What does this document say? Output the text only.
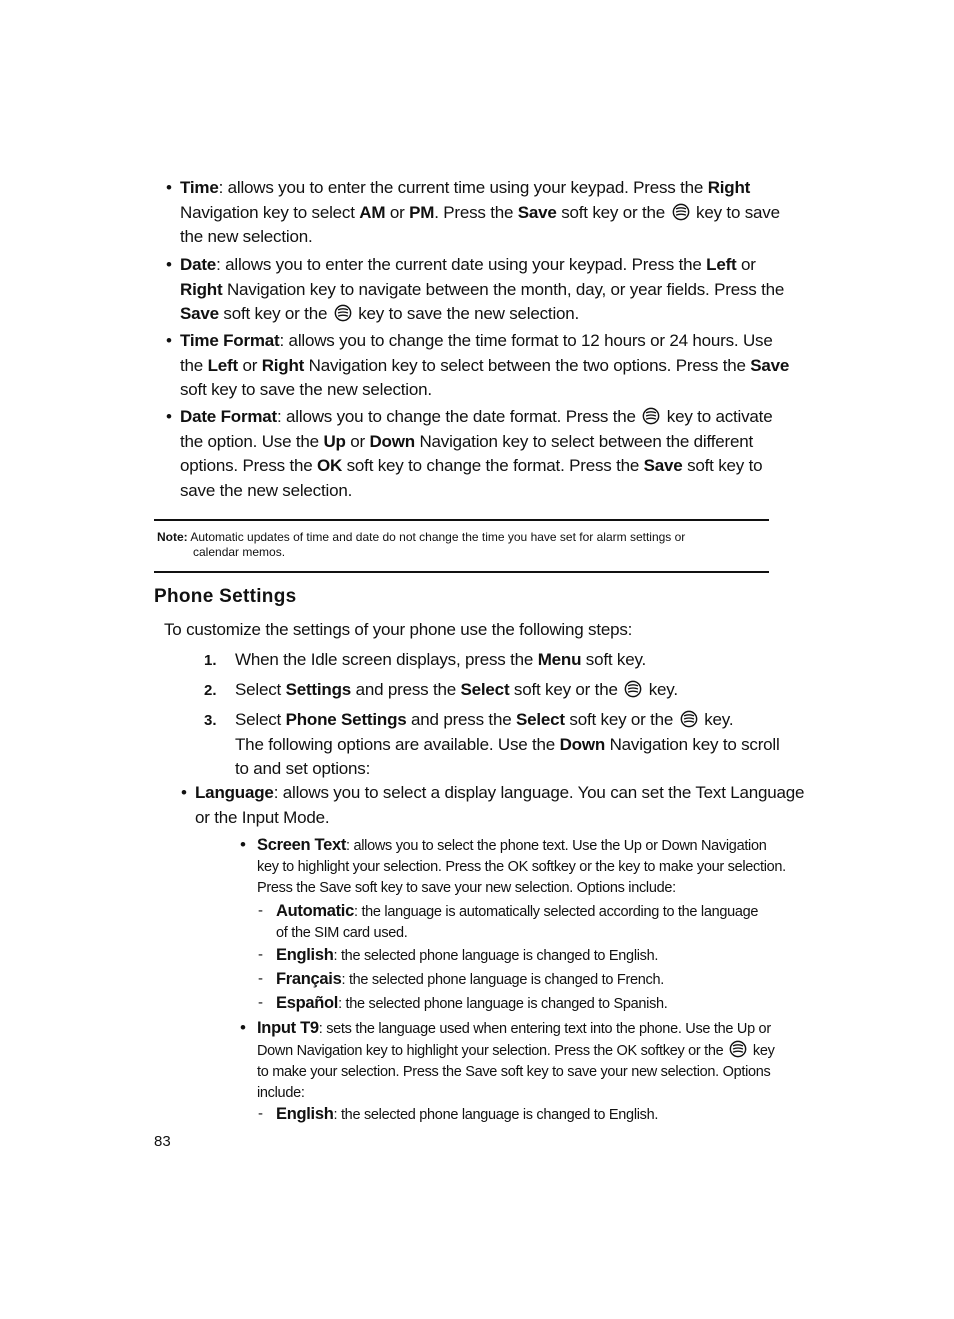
• Time: allows you to enter the current time using your keypad. Press the Right
Navigation key to select AM or PM. Press the Save soft key or the  key to save
the new selection.
• Date: allows you to enter the current date using your keypad. Press the Left or
Right Navigation key to navigate between the month, day, or year fields. Press the
Save soft key or the  key to save the new selection.
• Time Format: allows you to change the time format to 12 hours or 24 hours. Use
the Left or Right Navigation key to select between the two options. Press the Save
soft key to save the new selection.
• Date Format: allows you to change the date format. Press the  key to activate
the option. Use the Up or Down Navigation key to select between the different
options. Press the OK soft key to change the format. Press the Save soft key to
save the new selection.
Note: Automatic updates of time and date do not change the time you have set for alarm settings or
calendar memos.
Phone Settings
To customize the settings of your phone use the following steps:
1. When the Idle screen displays, press the Menu soft key.
2. Select Settings and press the Select soft key or the  key.
3. Select Phone Settings and press the Select soft key or the  key.
The following options are available. Use the Down Navigation key to scroll
to and set options:
• Language: allows you to select a display language. You can set the Text Language
or the Input Mode.
• Screen Text: allows you to select the phone text. Use the Up or Down Navigation
key to highlight your selection. Press the OK softkey or the key to make your selection.
Press the Save soft key to save your new selection. Options include:
- Automatic: the language is automatically selected according to the language
of the SIM card used.
- English: the selected phone language is changed to English.
- Français: the selected phone language is changed to French.
- Español: the selected phone language is changed to Spanish.
• Input T9: sets the language used when entering text into the phone. Use the Up or
Down Navigation key to highlight your selection. Press the OK softkey or the  key
to make your selection. Press the Save soft key to save your new selection. Options
include:
- English: the selected phone language is changed to English.
83
